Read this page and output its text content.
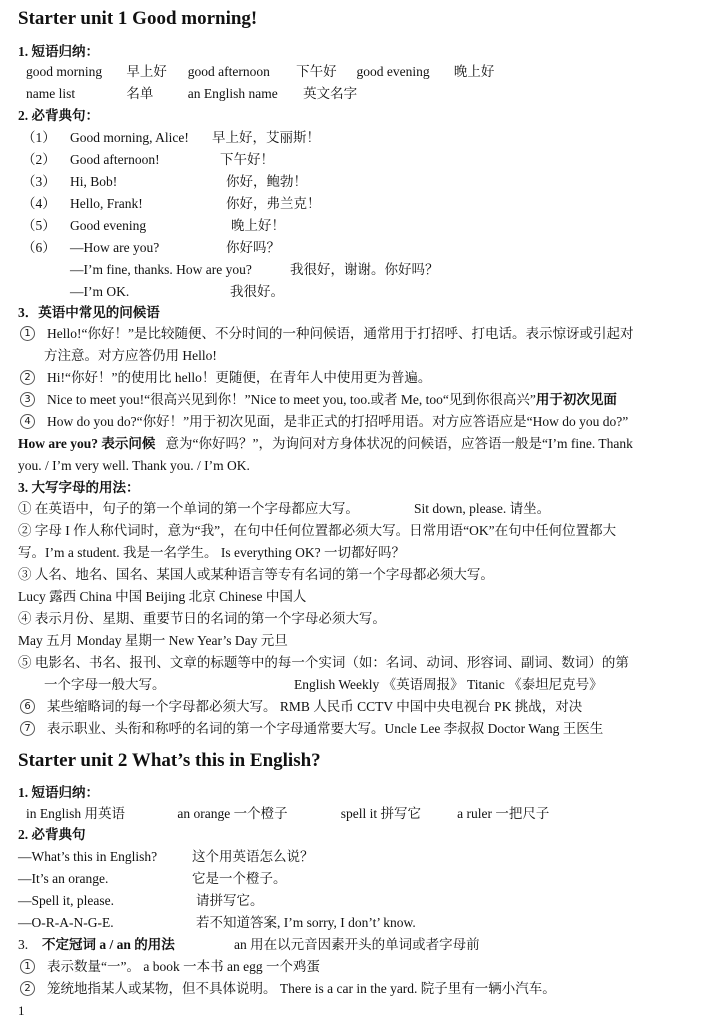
Starter unit 1 Good morning!
1. 短语归纳：
good morning 早上好 good afternoon 下午好 good evening 晚上好
name list	名单	an English name 英文名字
2. 必背典句：
（1） Good morning, Alice! 早上好，艾丽斯！
（2） Good afternoon!	下午好！
（3） Hi, Bob!	你好，鲍勃！
（4） Hello, Frank!	你好，弗兰克！
（5） Good evening	晚上好！
（6） —How are you?	你好吗？
—I’m fine, thanks. How are you?	我很好，谢谢。你好吗？
—I’m OK.	我很好。
3．英语中常见的问候语
1 Hello!“你好！”是比较随便、不分时间的一种问候语，通常用于打招呼、打电话。表示惊讶或引起对
方注意。对方应答仍用 Hello!
2 Hi!“你好！”的使用比 hello！更随便，在青年人中使用更为普遍。
3 Nice to meet you!“很高兴见到你！”Nice to meet you, too.或者 Me, too“见到你很高兴”用于初次见面
4 How do you do?“你好！”用于初次见面，是非正式的打招呼用语。对方应答语应是“How do you do?”
How are you? 表示问候 意为“你好吗？”，为询问对方身体状况的问候语，应答语一般是“I’m fine. Thank
you. / I’m very well. Thank you. / I’m OK.
3. 大写字母的用法：
① 在英语中，句子的第一个单词的第一个字母都应大写。	Sit down, please. 请坐。
② 字母 I 作人称代词时，意为“我”，在句中任何位置都必须大写。日常用语“OK”在句中任何位置都大
写。I’m a student. 我是一名学生。 Is everything OK? 一切都好吗？
③ 人名、地名、国名、某国人或某种语言等专有名词的第一个字母都必须大写。
Lucy 露西 China 中国 Beijing 北京 Chinese 中国人
④ 表示月份、星期、重要节日的名词的第一个字母必须大写。
May 五月 Monday 星期一 New Year’s Day 元旦
⑤ 电影名、书名、报刊、文章的标题等中的每一个实词（如：名词、动词、形容词、副词、数词）的第
一个字母一般大写。	English Weekly 《英语周报》 Titanic 《泰坦尼克号》
6 某些缩略词的每一个字母都必须大写。 RMB 人民币 CCTV 中国中央电视台 PK 挑战，对决
7 表示职业、头衔和称呼的名词的第一个字母通常要大写。Uncle Lee 李叔叔 Doctor Wang 王医生
Starter unit 2 What’s this in English?
1. 短语归纳：
in English 用英语	an orange 一个橙子	spell it 拼写它	a ruler 一把尺子
2. 必背典句
—What’s this in English?	这个用英语怎么说？
—It’s an orange.	它是一个橙子。
—Spell it, please.	请拼写它。
—O-R-A-N-G-E.	若不知道答案, I’m sorry, I don’t’ know.
3. 不定冠词 a / an 的用法	an 用在以元音因素开头的单词或者字母前
1 表示数量“一”。 a book 一本书 an egg 一个鸡蛋
2 笼统地指某人或某物，但不具体说明。 There is a car in the yard. 院子里有一辆小汽车。
1
